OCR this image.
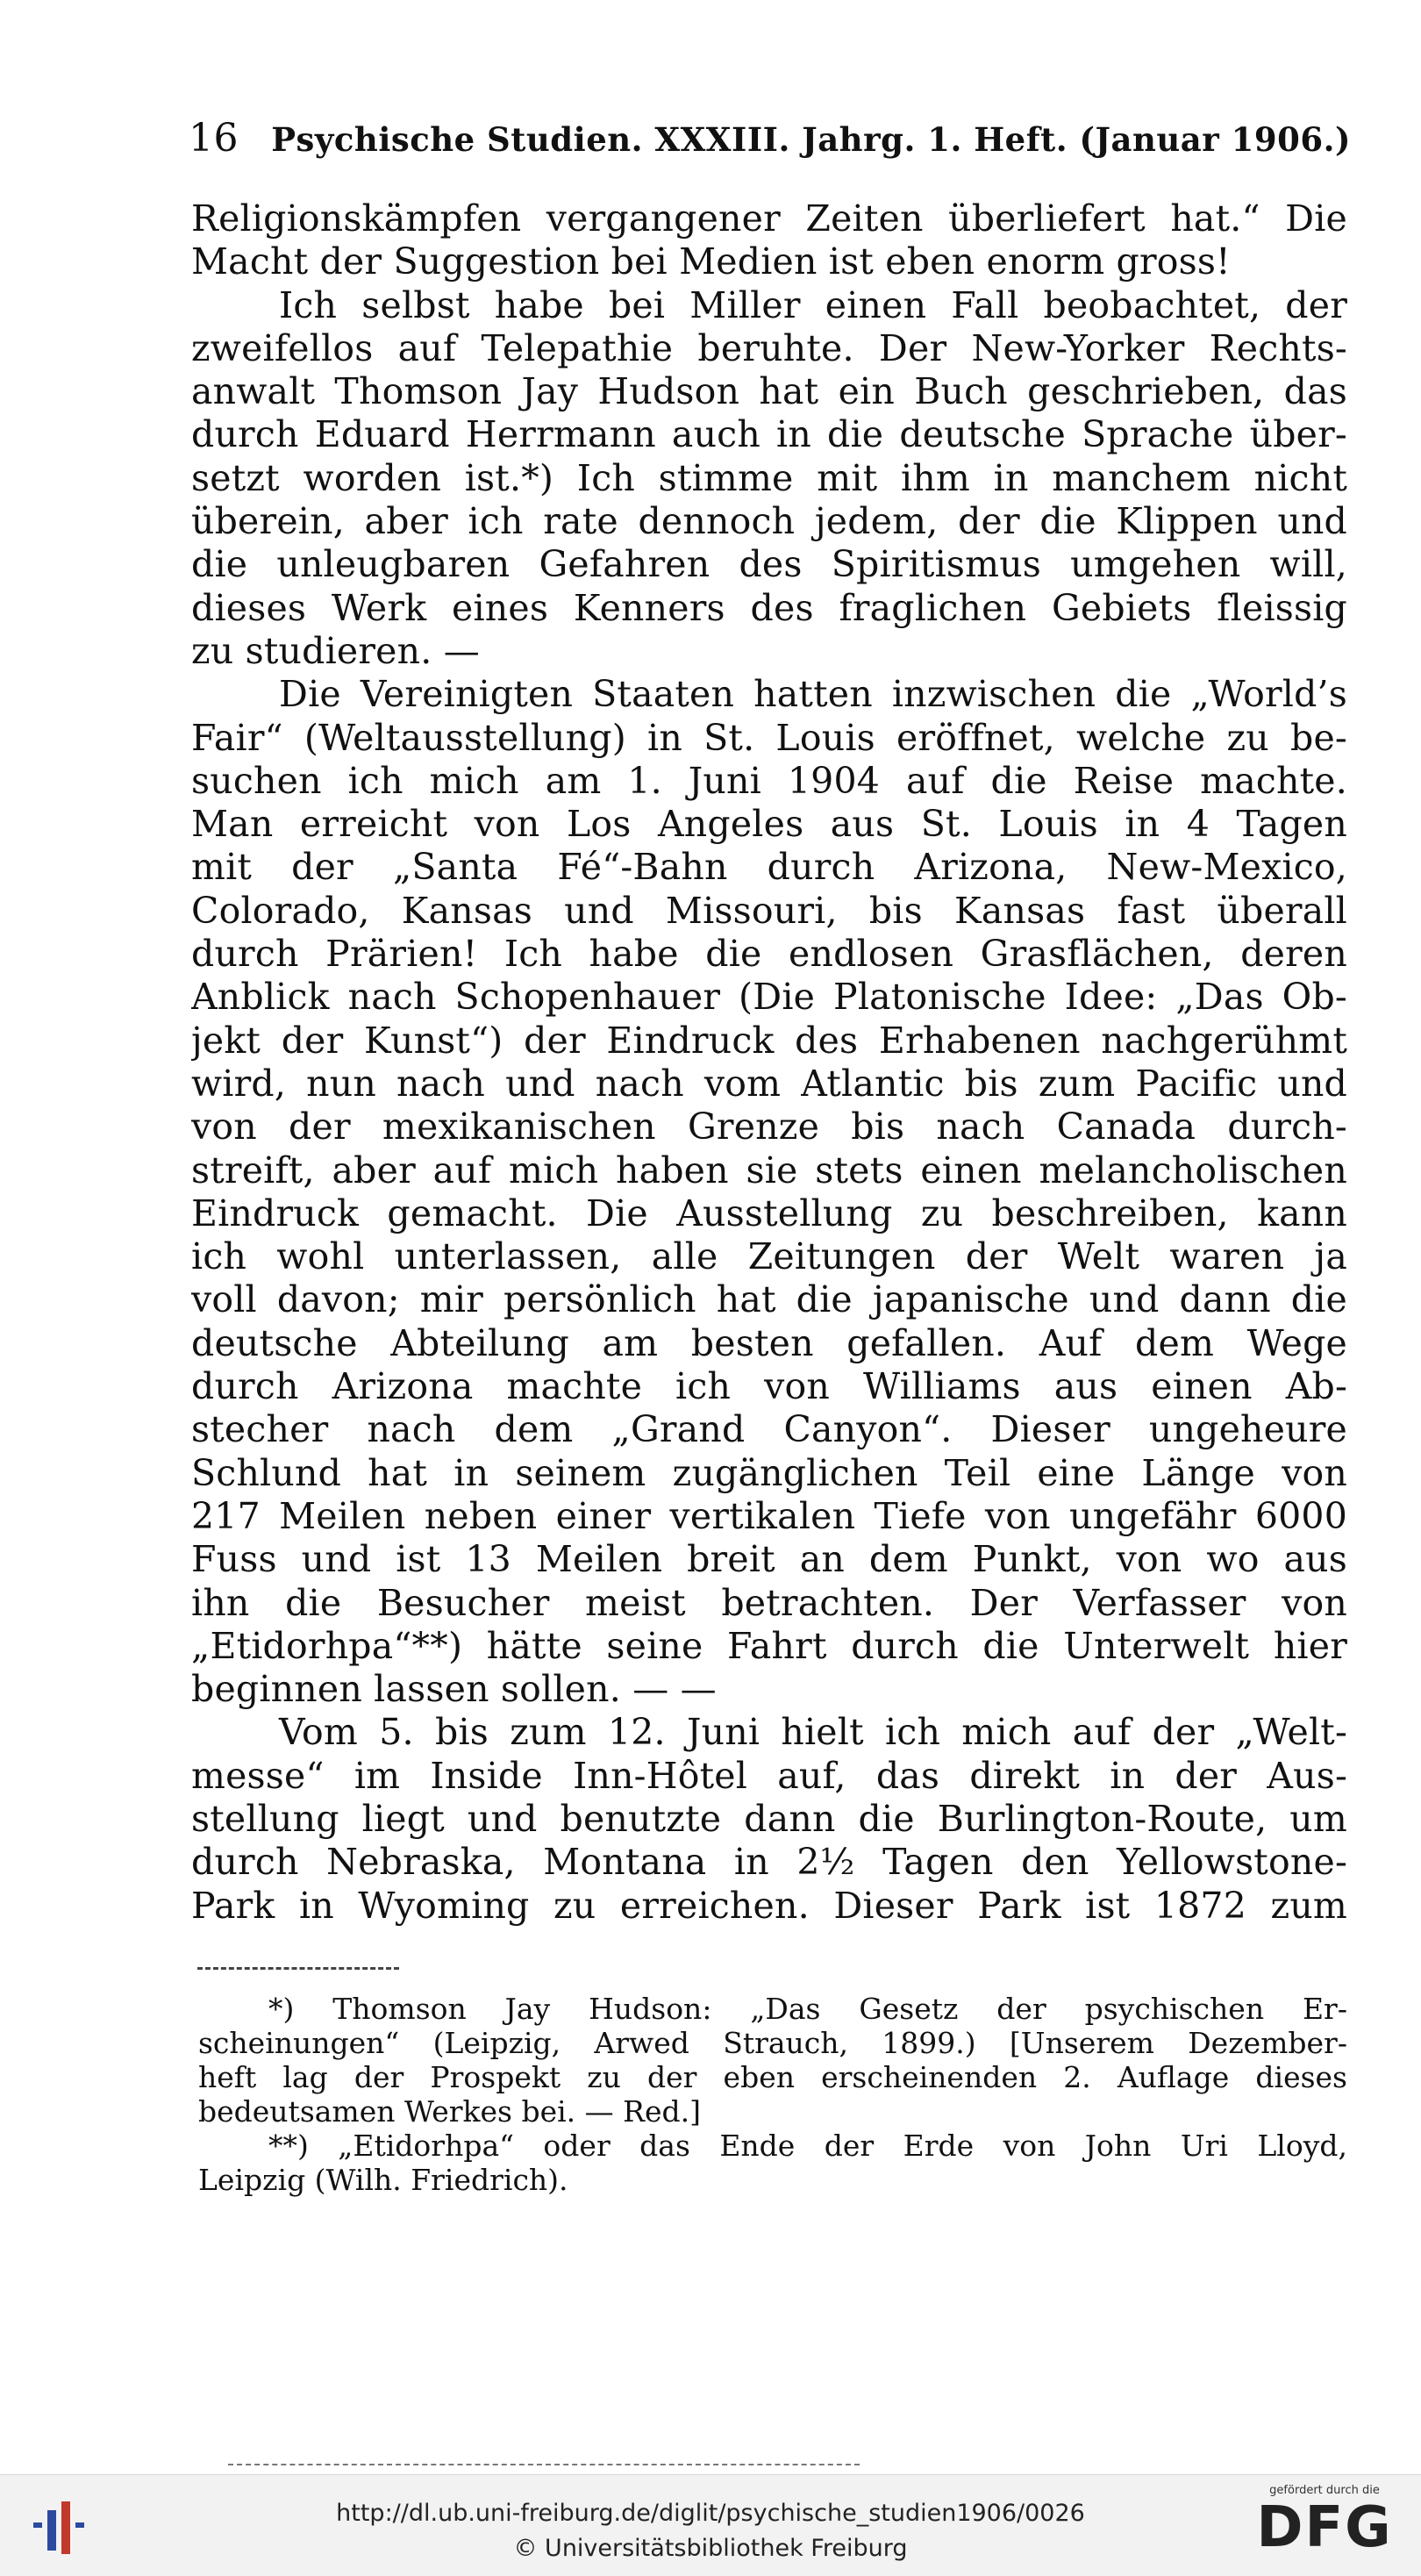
16 Psychische Studien. XXXIII. Jahrg. 1. Heft. (Januar 1906.)
Religionskämpfen vergangener Zeiten überliefert hat.“ Die
Macht der Suggestion bei Medien ist eben enorm gross!
Ich selbst habe bei Miller einen Fall beobachtet, der
zweifellos auf Telepathie beruhte. Der New-Yorker Rechts-
anwalt Thomson Jay Hudson hat ein Buch geschrieben, das
durch Eduard Herrmann auch in die deutsche Sprache über-
setzt worden ist.*) Ich stimme mit ihm in manchem nicht
überein, aber ich rate dennoch jedem, der die Klippen und
die unleugbaren Gefahren des Spiritismus umgehen will,
dieses Werk eines Kenners des fraglichen Gebiets fleissig
zu studieren. —
Die Vereinigten Staaten hatten inzwischen die „World’s
Fair“ (Weltausstellung) in St. Louis eröffnet, welche zu be-
suchen ich mich am 1. Juni 1904 auf die Reise machte.
Man erreicht von Los Angeles aus St. Louis in 4 Tagen
mit der „Santa Fé“-Bahn durch Arizona, New-Mexico,
Colorado, Kansas und Missouri, bis Kansas fast überall
durch Prärien! Ich habe die endlosen Grasflächen, deren
Anblick nach Schopenhauer (Die Platonische Idee: „Das Ob-
jekt der Kunst“) der Eindruck des Erhabenen nachgerühmt
wird, nun nach und nach vom Atlantic bis zum Pacific und
von der mexikanischen Grenze bis nach Canada durch-
streift, aber auf mich haben sie stets einen melancholischen
Eindruck gemacht. Die Ausstellung zu beschreiben, kann
ich wohl unterlassen, alle Zeitungen der Welt waren ja
voll davon; mir persönlich hat die japanische und dann die
deutsche Abteilung am besten gefallen. Auf dem Wege
durch Arizona machte ich von Williams aus einen Ab-
stecher nach dem „Grand Canyon“. Dieser ungeheure
Schlund hat in seinem zugänglichen Teil eine Länge von
217 Meilen neben einer vertikalen Tiefe von ungefähr 6000
Fuss und ist 13 Meilen breit an dem Punkt, von wo aus
ihn die Besucher meist betrachten. Der Verfasser von
„Etidorhpa“**) hätte seine Fahrt durch die Unterwelt hier
beginnen lassen sollen. — —
Vom 5. bis zum 12. Juni hielt ich mich auf der „Welt-
messe“ im Inside Inn-Hôtel auf, das direkt in der Aus-
stellung liegt und benutzte dann die Burlington-Route, um
durch Nebraska, Montana in 2½ Tagen den Yellowstone-
Park in Wyoming zu erreichen. Dieser Park ist 1872 zum
*) Thomson Jay Hudson: „Das Gesetz der psychischen Er-
scheinungen“ (Leipzig, Arwed Strauch, 1899.) [Unserem Dezember-
heft lag der Prospekt zu der eben erscheinenden 2. Auflage dieses
bedeutsamen Werkes bei. — Red.]
**) „Etidorhpa“ oder das Ende der Erde von John Uri Lloyd,
Leipzig (Wilh. Friedrich).
http://dl.ub.uni-freiburg.de/diglit/psychische_studien1906/0026
© Universitätsbibliothek Freiburg
gefördert durch die
DFG
